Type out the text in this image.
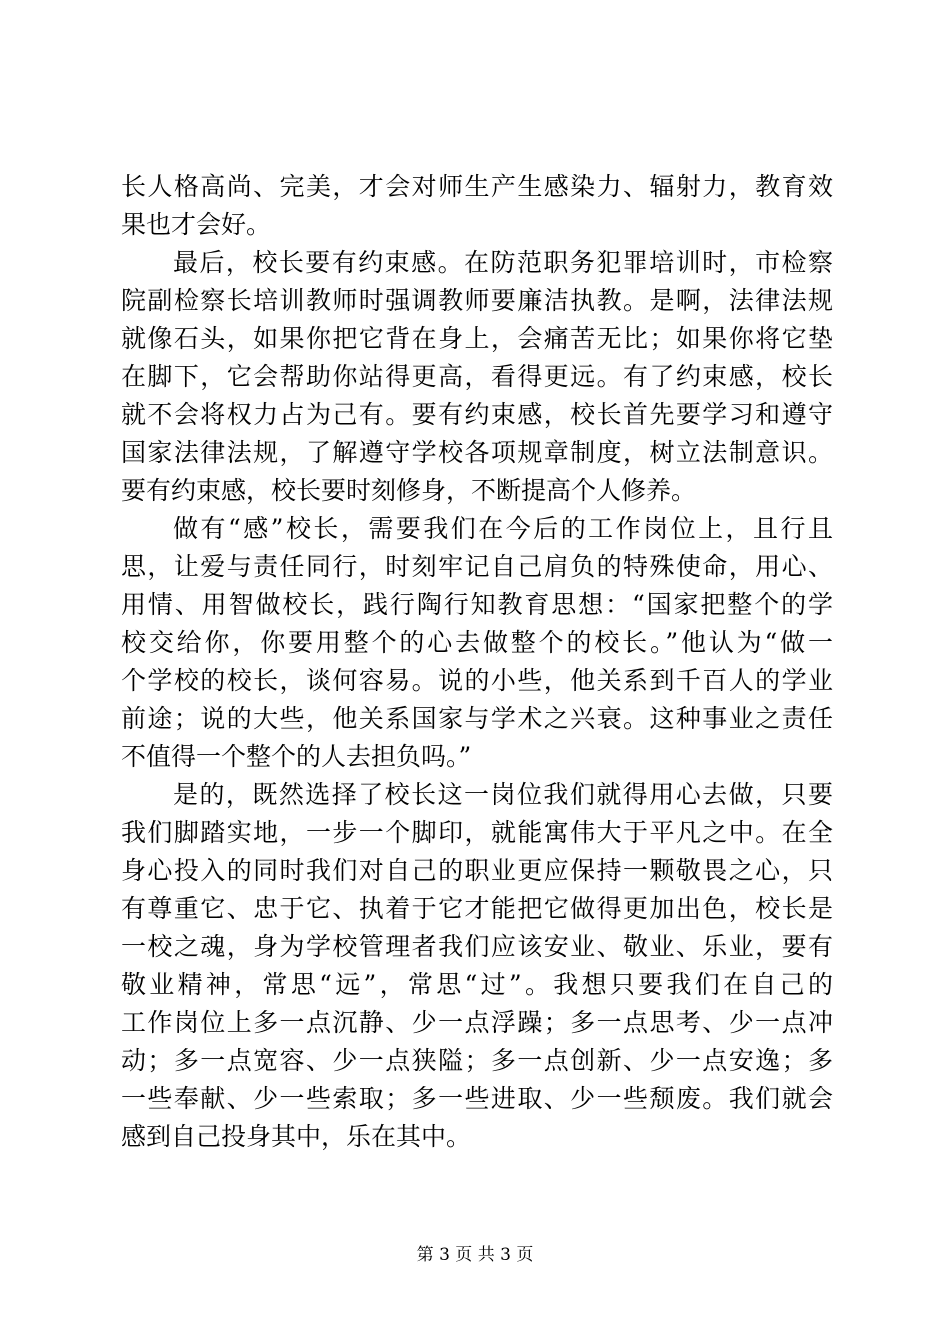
长人格高尚、完美，才会对师生产生感染力、辐射力，教育效
果也才会好。
最后，校长要有约束感。在防范职务犯罪培训时，市检察
院副检察长培训教师时强调教师要廉洁执教。是啊，法律法规
就像石头，如果你把它背在身上，会痛苦无比；如果你将它垫
在脚下，它会帮助你站得更高，看得更远。有了约束感，校长
就不会将权力占为己有。要有约束感，校长首先要学习和遵守
国家法律法规，了解遵守学校各项规章制度，树立法制意识。
要有约束感，校长要时刻修身，不断提高个人修养。
做有“感”校长，需要我们在今后的工作岗位上，且行且
思，让爱与责任同行，时刻牢记自己肩负的特殊使命，用心、
用情、用智做校长，践行陶行知教育思想：“国家把整个的学
校交给你，你要用整个的心去做整个的校长。”他认为“做一
个学校的校长，谈何容易。说的小些，他关系到千百人的学业
前途；说的大些，他关系国家与学术之兴衰。这种事业之责任
不值得一个整个的人去担负吗。”
是的，既然选择了校长这一岗位我们就得用心去做，只要
我们脚踏实地，一步一个脚印，就能寓伟大于平凡之中。在全
身心投入的同时我们对自己的职业更应保持一颗敬畏之心，只
有尊重它、忠于它、执着于它才能把它做得更加出色，校长是
一校之魂，身为学校管理者我们应该安业、敬业、乐业，要有
敬业精神，常思“远”，常思“过”。我想只要我们在自己的
工作岗位上多一点沉静、少一点浮躁；多一点思考、少一点冲
动；多一点宽容、少一点狭隘；多一点创新、少一点安逸；多
一些奉献、少一些索取；多一些进取、少一些颓废。我们就会
感到自己投身其中，乐在其中。
第 3 页 共 3 页
